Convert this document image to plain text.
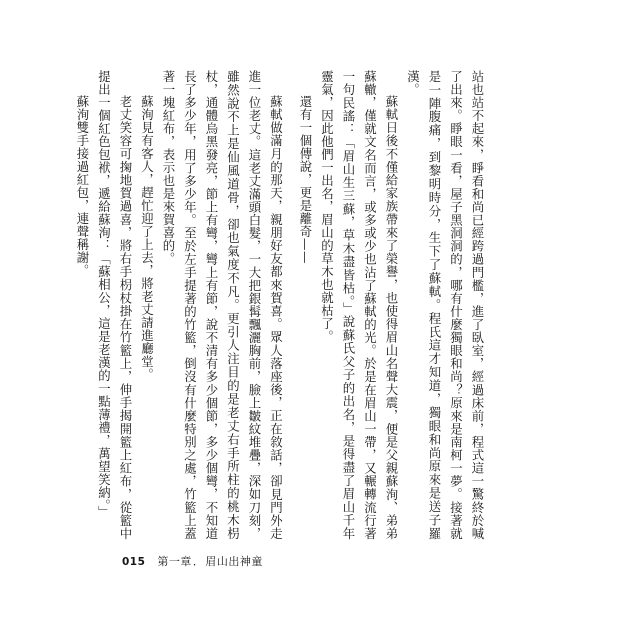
站也站不起來，睜看和尚已經跨過門檻，進了臥室，經過床前，程式這一驚終於喊了出來。睜眼一看，屋子黑洞洞的，哪有什麼獨眼和尚？原來是南柯一夢。接著就是一陣腹痛，到黎明時分，生下了蘇軾。程氏這才知道，獨眼和尚原來是送子羅漢。

蘇軾日後不僅給家族帶來了榮譽，也使得眉山名聲大震，便是父親蘇洵、弟弟蘇轍，僅就文名而言，或多或少也沾了蘇軾的光。於是在眉山一帶，又輾轉流行著一句民謠：「眉山生三蘇，草木盡皆枯。」說蘇氏父子的出名，是得盡了眉山千年靈氣，因此他們一出名，眉山的草木也就枯了。

還有一個傳說，更是離奇——

蘇軾做滿月的那天，親朋好友都來賀喜。眾人落座後，正在敘話，卻見門外走進一位老丈。這老丈滿頭白髮，一大把銀髯飄灑胸前，臉上皺紋堆疊，深如刀刻，雖然說不上是仙風道骨，卻也氣度不凡。更引人注目的是老丈右手所柱的桃木枴杖，通體烏黑發亮，節上有彎，彎上有節，說不清有多少個節，多少個彎，不知道長了多少年，用了多少年。至於左手提著的竹籃，倒沒有什麼特別之處，竹籃上蓋著一塊紅布，表示也是來賀喜的。

蘇洵見有客人，趕忙迎了上去，將老丈請進廳堂。

老丈笑容可掬地賀過喜，將右手枴杖掛在竹籃上，伸手揭開籃上紅布，從籃中提出一個紅色包袱，遞給蘇洵：「蘇相公，這是老漢的一點薄禮，萬望笑納。」

蘇洵雙手接過紅包，連聲稱謝。

015 第一章．眉山出神童
